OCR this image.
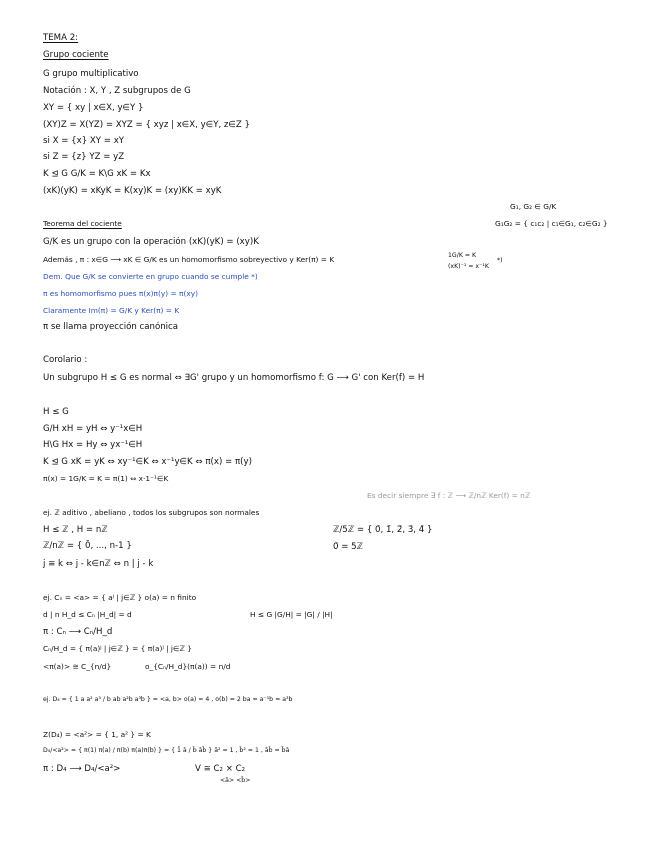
TEMA 2:
Grupo cociente
G grupo multiplicativo
Notación : X, Y , Z subgrupos de G
XY = { xy | x∈X, y∈Y }
(XY)Z = X(YZ) = XYZ = { xyz | x∈X, y∈Y, z∈Z }
si X = {x} XY = xY
si Z = {z} YZ = yZ
K ⊴ G G/K = K\G xK = Kx
(xK)(yK) = xKyK = K(xy)K = (xy)KK = xyK
G₁, G₂ ∈ G/K
Teorema del cociente	G₁G₂ = { c₁c₂ | c₁∈G₁, c₂∈G₂ }
G/K es un grupo con la operación (xK)(yK) = (xy)K
Además , π : x∈G ⟶ xK ∈ G/K es un homomorfismo sobreyectivo y Ker(π) = K	1G/K = K
(xK)⁻¹ = x⁻¹K
*)
Dem. Que G/K se convierte en grupo cuando se cumple *)
π es homomorfismo pues π(x)π(y) = π(xy)
Claramente Im(π) = G/K y Ker(π) = K
π se llama proyección canónica
Corolario :
Un subgrupo H ≤ G es normal ⇔ ∃G' grupo y un homomorfismo f: G ⟶ G' con Ker(f) = H
H ≤ G
G/H xH = yH ⇔ y⁻¹x∈H
H\G Hx = Hy ⇔ yx⁻¹∈H
K ⊴ G xK = yK ⇔ xy⁻¹∈K ⇔ x⁻¹y∈K ⇔ π(x) = π(y)
π(x) = 1G/K = K = π(1) ⇔ x·1⁻¹∈K
Es decir siempre ∃ f : ℤ ⟶ ℤ/nℤ Ker(f) = nℤ
ej. ℤ aditivo , abeliano , todos los subgrupos son normales
H ≤ ℤ , H = nℤ	ℤ/5ℤ = { 0̄, 1̄, 2̄, 3̄, 4̄ }
ℤ/nℤ = { 0̄, ..., n-1 }	0̄ = 5ℤ
j ≡ k ⇔ j - k∈nℤ ⇔ n | j - k
ej. Cₙ = <a> = { aʲ | j∈ℤ } o(a) = n finito
d | n H_d ≤ Cₙ |H_d| = d	H ≤ G |G/H| = |G| / |H|
π : Cₙ ⟶ Cₙ/H_d
Cₙ/H_d = { π(a)ʲ | j∈ℤ } = { π(a)ʲ | j∈ℤ }
<π(a)> ≅ C_{n/d}	o_{Cₙ/H_d}(π(a)) = n/d
ej. D₄ = { 1 a a² a³ / b ab a²b a³b } = <a, b> o(a) = 4 , o(b) = 2 ba = a⁻¹b = a³b
Z(D₄) = <a²> = { 1, a² } = K
D₄/<a²> = { π(1) π(a) / π(b) π(a)π(b) } = { 1̄ ā / b̄ āb̄ } ā² = 1 , b̄² = 1 , āb̄ = b̄ā
π : D₄ ⟶ D₄/<a²>	V ≅ C₂ × C₂
<ā> <b̄>
